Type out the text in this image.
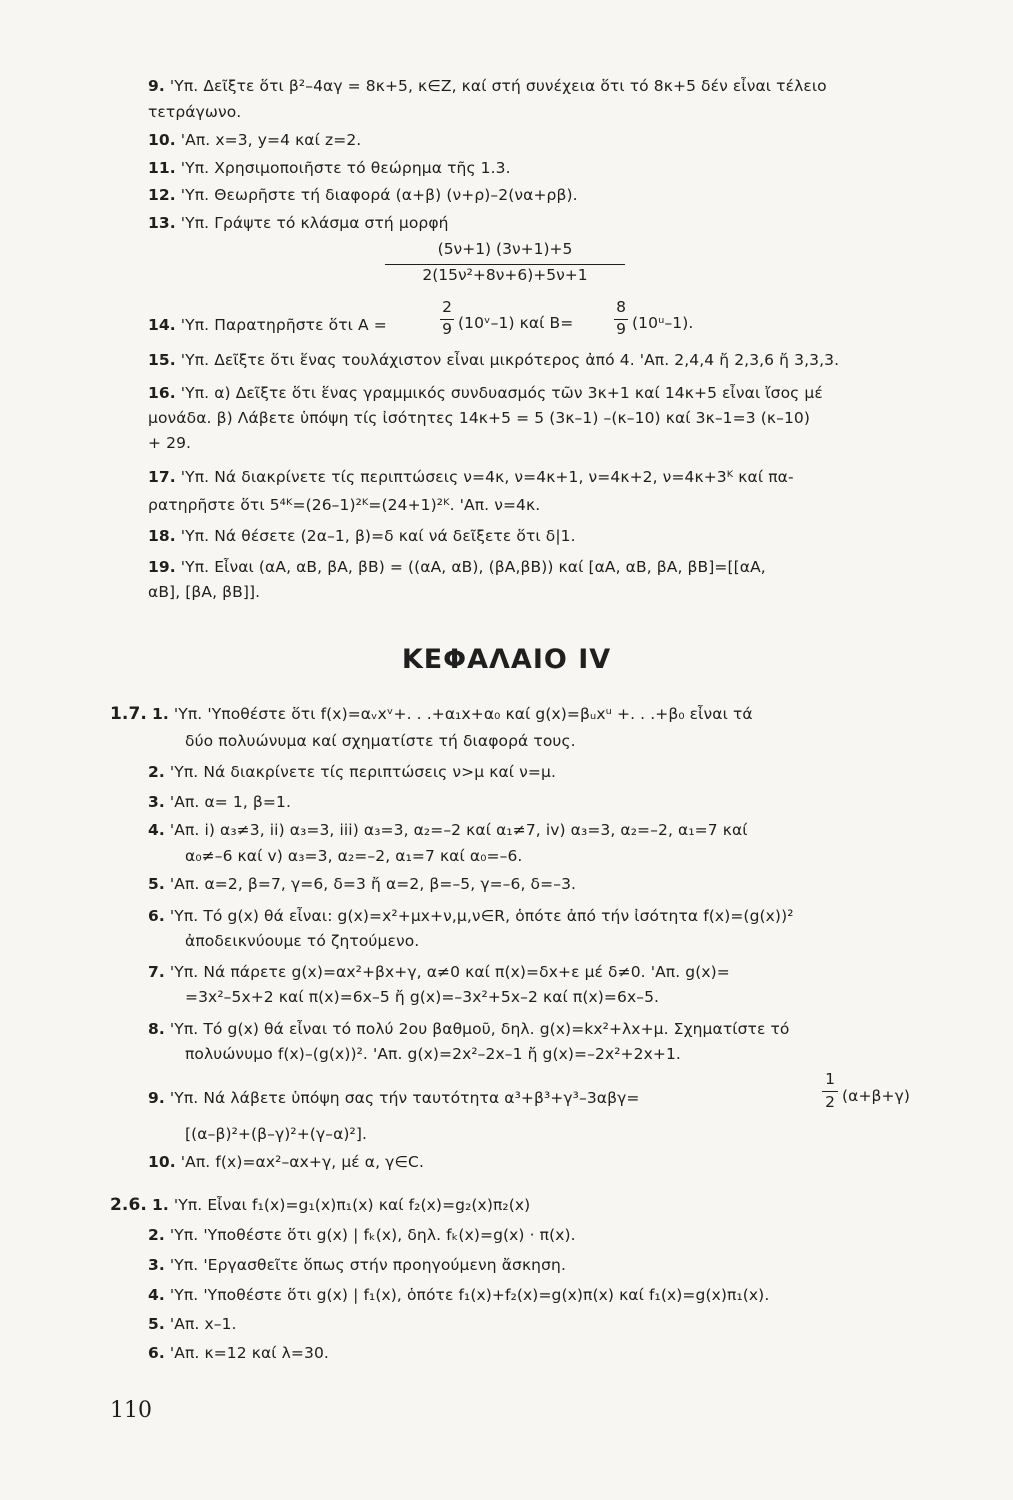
9. 'Υπ. Δεῖξτε ὅτι β²–4αγ = 8κ+5, κ∈Z, καί στή συνέχεια ὅτι τό 8κ+5 δέν εἶναι τέλειο
τετράγωνο.
10. 'Απ. x=3, y=4 καί z=2.
11. 'Υπ. Χρησιμοποιῆστε τό θεώρημα τῆς 1.3.
12. 'Υπ. Θεωρῆστε τή διαφορά (α+β) (ν+ρ)–2(να+ρβ).
13. 'Υπ. Γράψτε τό κλάσμα στή μορφή
(5ν+1) (3ν+1)+5
2(15ν²+8ν+6)+5ν+1
14. 'Υπ. Παρατηρῆστε ὅτι A =
2
9 (10ᵛ–1) καί B=
8
9 (10ᵘ–1).
15. 'Υπ. Δεῖξτε ὅτι ἕνας τουλάχιστον εἶναι μικρότερος ἀπό 4. 'Απ. 2,4,4 ἤ 2,3,6 ἤ 3,3,3.
16. 'Υπ. α) Δεῖξτε ὅτι ἕνας γραμμικός συνδυασμός τῶν 3κ+1 καί 14κ+5 εἶναι ἴσος μέ
μονάδα. β) Λάβετε ὑπόψη τίς ἰσότητες 14κ+5 = 5 (3κ–1) –(κ–10) καί 3κ–1=3 (κ–10)
+ 29.
17. 'Υπ. Νά διακρίνετε τίς περιπτώσεις ν=4κ, ν=4κ+1, ν=4κ+2, ν=4κ+3ᴷ καί πα-
ρατηρῆστε ὅτι 5⁴ᴷ=(26–1)²ᴷ=(24+1)²ᴷ. 'Απ. ν=4κ.
18. 'Υπ. Νά θέσετε (2α–1, β)=δ καί νά δεῖξετε ὅτι δ|1.
19. 'Υπ. Εἶναι (αA, αB, βA, βB) = ((αA, αB), (βA,βB)) καί [αA, αB, βA, βB]=[[αA,
αB], [βA, βB]].
ΚΕΦΑΛΑΙΟ IV
1.7. 1. 'Υπ. 'Υποθέστε ὅτι f(x)=αᵥxᵛ+. . .+α₁x+α₀ καί g(x)=βᵤxᵘ +. . .+β₀ εἶναι τά
δύο πολυώνυμα καί σχηματίστε τή διαφορά τους.
2. 'Υπ. Νά διακρίνετε τίς περιπτώσεις ν>μ καί ν=μ.
3. 'Απ. α= 1, β=1.
4. 'Απ. i) α₃≠3, ii) α₃=3, iii) α₃=3, α₂=–2 καί α₁≠7, iv) α₃=3, α₂=–2, α₁=7 καί
α₀≠–6 καί v) α₃=3, α₂=–2, α₁=7 καί α₀=–6.
5. 'Απ. α=2, β=7, γ=6, δ=3 ἤ α=2, β=–5, γ=–6, δ=–3.
6. 'Υπ. Τό g(x) θά εἶναι: g(x)=x²+μx+ν,μ,ν∈R, ὁπότε ἀπό τήν ἰσότητα f(x)=(g(x))²
ἀποδεικνύουμε τό ζητούμενο.
7. 'Υπ. Νά πάρετε g(x)=αx²+βx+γ, α≠0 καί π(x)=δx+ε μέ δ≠0. 'Απ. g(x)=
=3x²–5x+2 καί π(x)=6x–5 ἤ g(x)=–3x²+5x–2 καί π(x)=6x–5.
8. 'Υπ. Τό g(x) θά εἶναι τό πολύ 2ου βαθμοῦ, δηλ. g(x)=kx²+λx+μ. Σχηματίστε τό
πολυώνυμο f(x)–(g(x))². 'Απ. g(x)=2x²–2x–1 ἤ g(x)=–2x²+2x+1.
9. 'Υπ. Νά λάβετε ὑπόψη σας τήν ταυτότητα α³+β³+γ³–3αβγ=
1
2 (α+β+γ)
[(α–β)²+(β–γ)²+(γ–α)²].
10. 'Απ. f(x)=αx²–αx+γ, μέ α, γ∈C.
2.6. 1. 'Υπ. Εἶναι f₁(x)=g₁(x)π₁(x) καί f₂(x)=g₂(x)π₂(x)
2. 'Υπ. 'Υποθέστε ὅτι g(x) | fₖ(x), δηλ. fₖ(x)=g(x) · π(x).
3. 'Υπ. 'Εργασθεῖτε ὅπως στήν προηγούμενη ἄσκηση.
4. 'Υπ. 'Υποθέστε ὅτι g(x) | f₁(x), ὁπότε f₁(x)+f₂(x)=g(x)π(x) καί f₁(x)=g(x)π₁(x).
5. 'Απ. x–1.
6. 'Απ. κ=12 καί λ=30.
110
